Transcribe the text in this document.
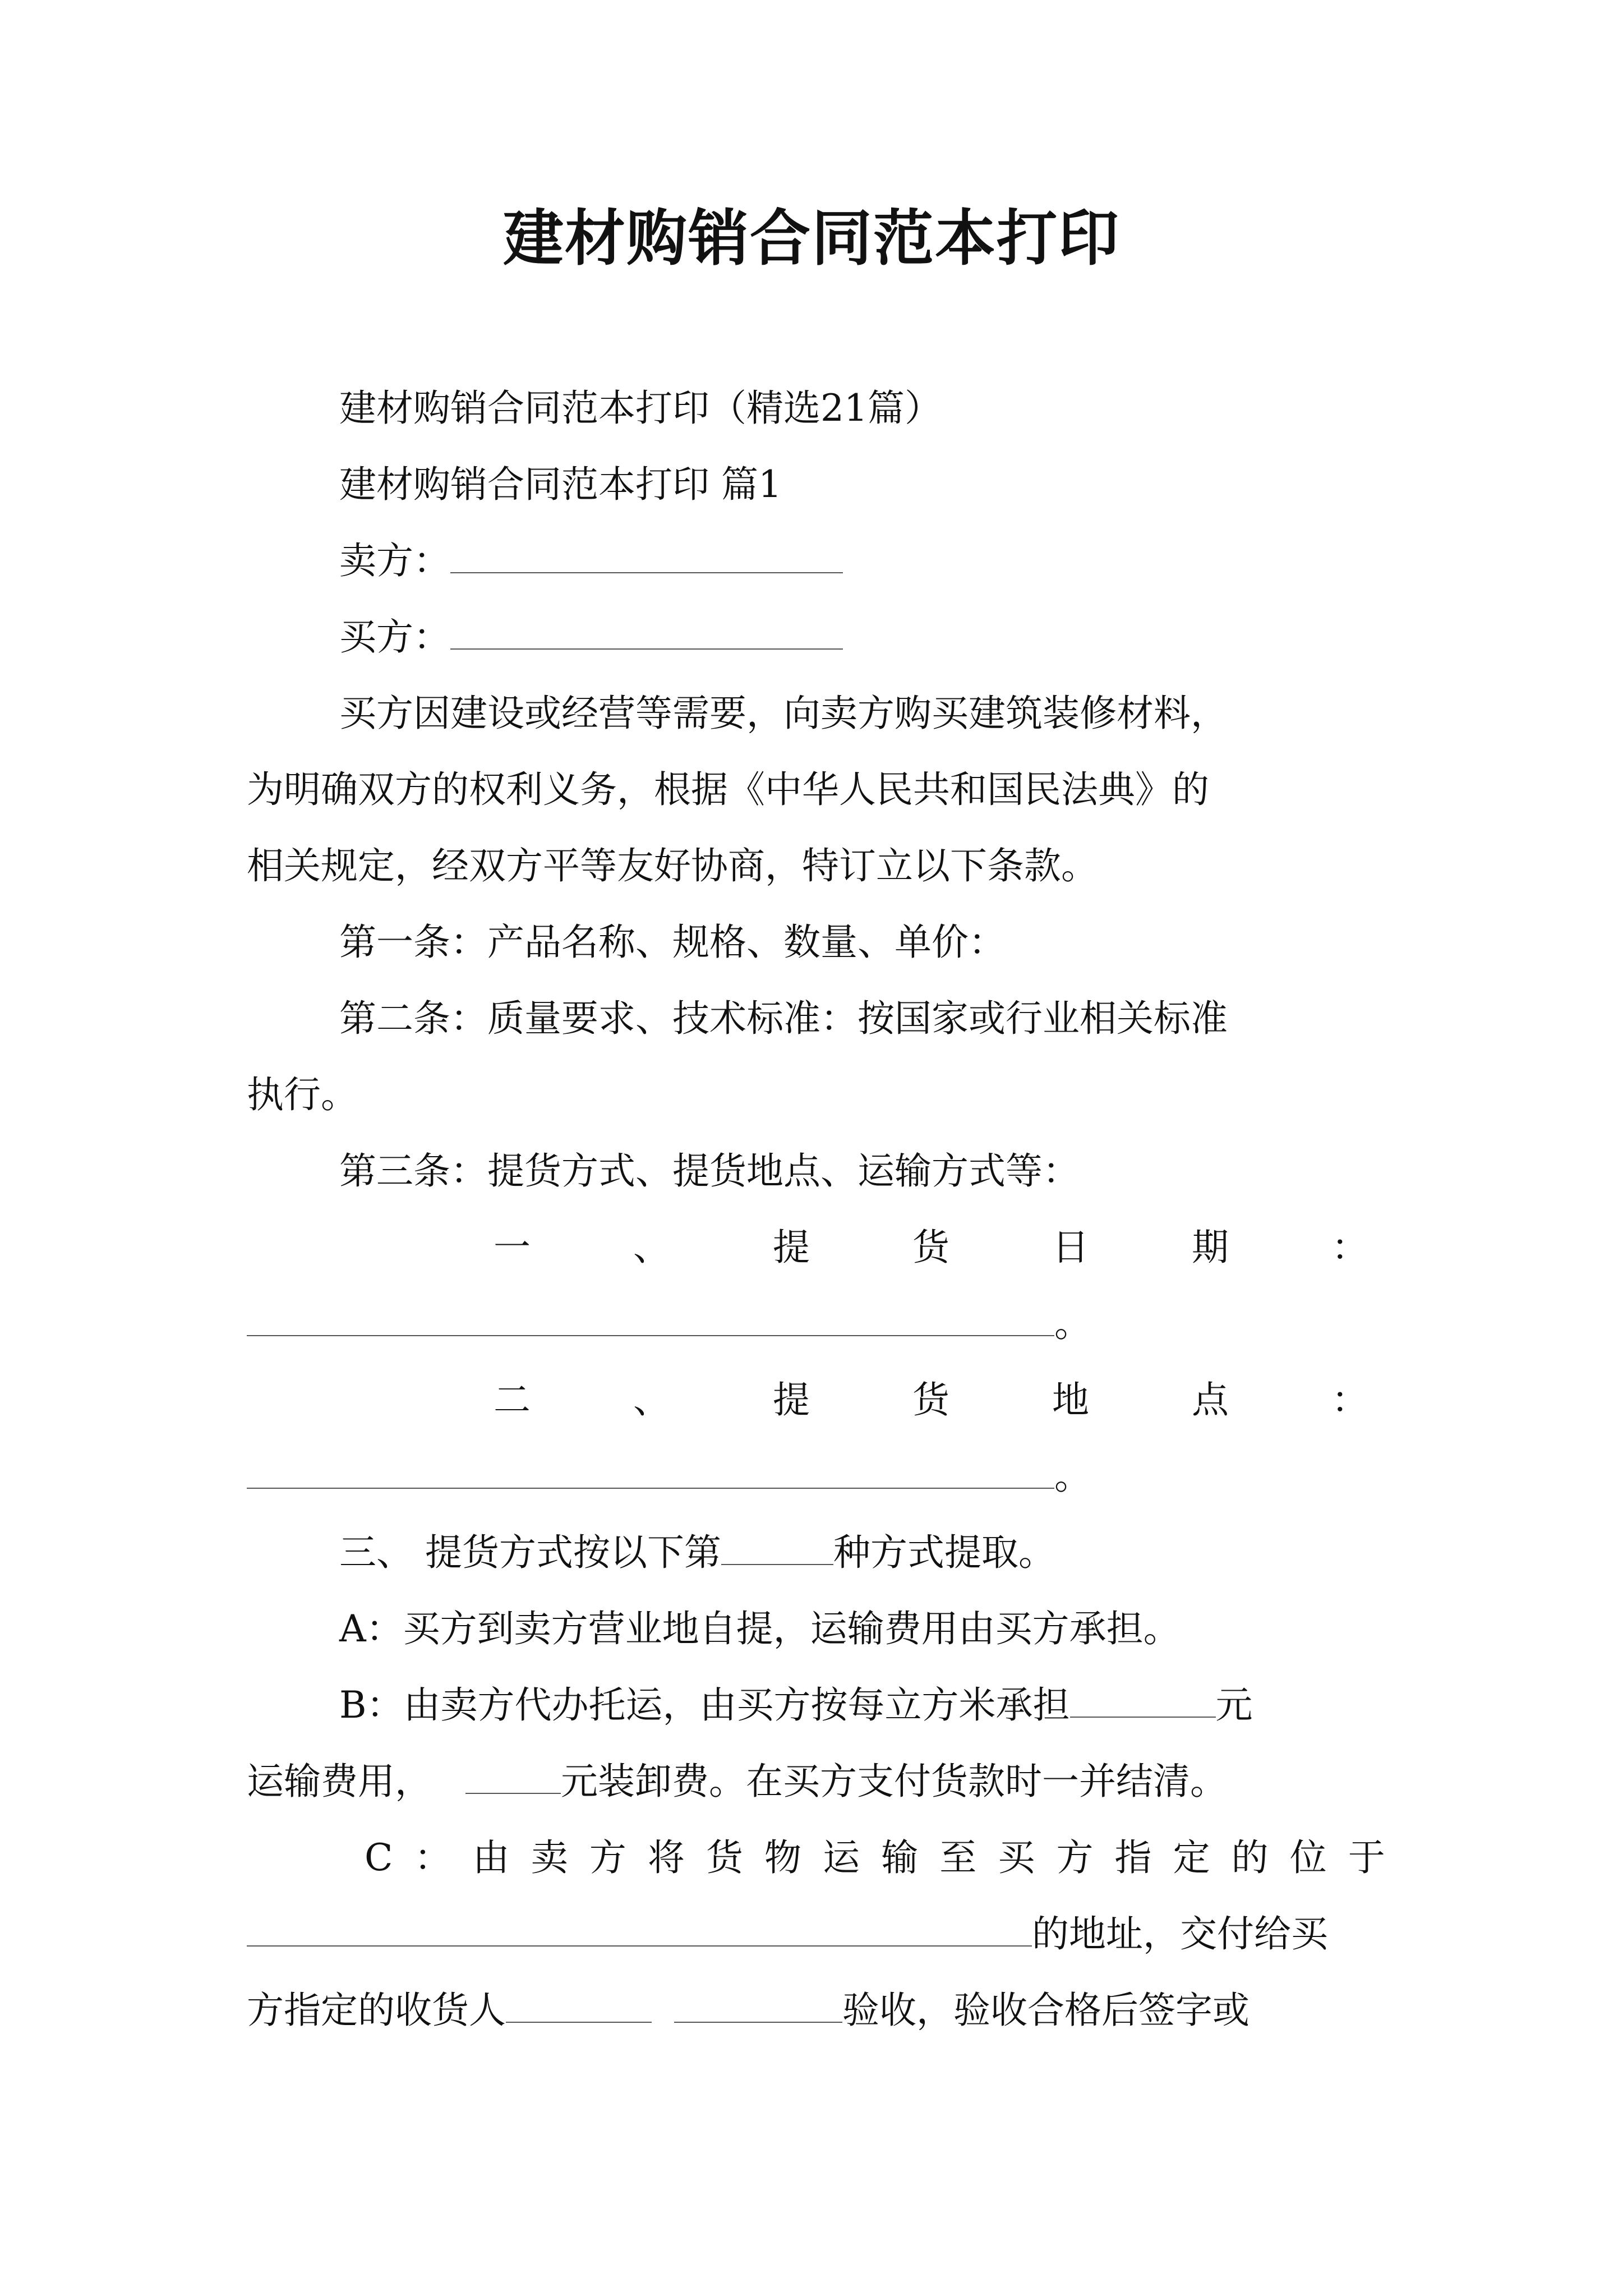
建材购销合同范本打印

建材购销合同范本打印（精选21篇）

建材购销合同范本打印 篇1

卖方：

买方：

买方因建设或经营等需要，向卖方购买建筑装修材料，

为明确双方的权利义务，根据《中华人民共和国民法典》的

相关规定，经双方平等友好协商，特订立以下条款。

第一条：产品名称、规格、数量、单价：

第二条：质量要求、技术标准：按国家或行业相关标准

执行。

第三条：提货方式、提货地点、运输方式等：

一	、	提	货	日	期	：

。

二	、	提	货	地	点	：

。

三、 提货方式按以下第	种方式提取。

A：买方到卖方营业地自提，运输费用由买方承担。

B：由卖方代办托运，由买方按每立方米承担	元

运输费用，	元装卸费。在买方支付货款时一并结清。

C ： 由 卖 方 将 货 物 运 输 至 买 方 指 定 的 位 于

的地址，交付给买

方指定的收货人	验收，验收合格后签字或
